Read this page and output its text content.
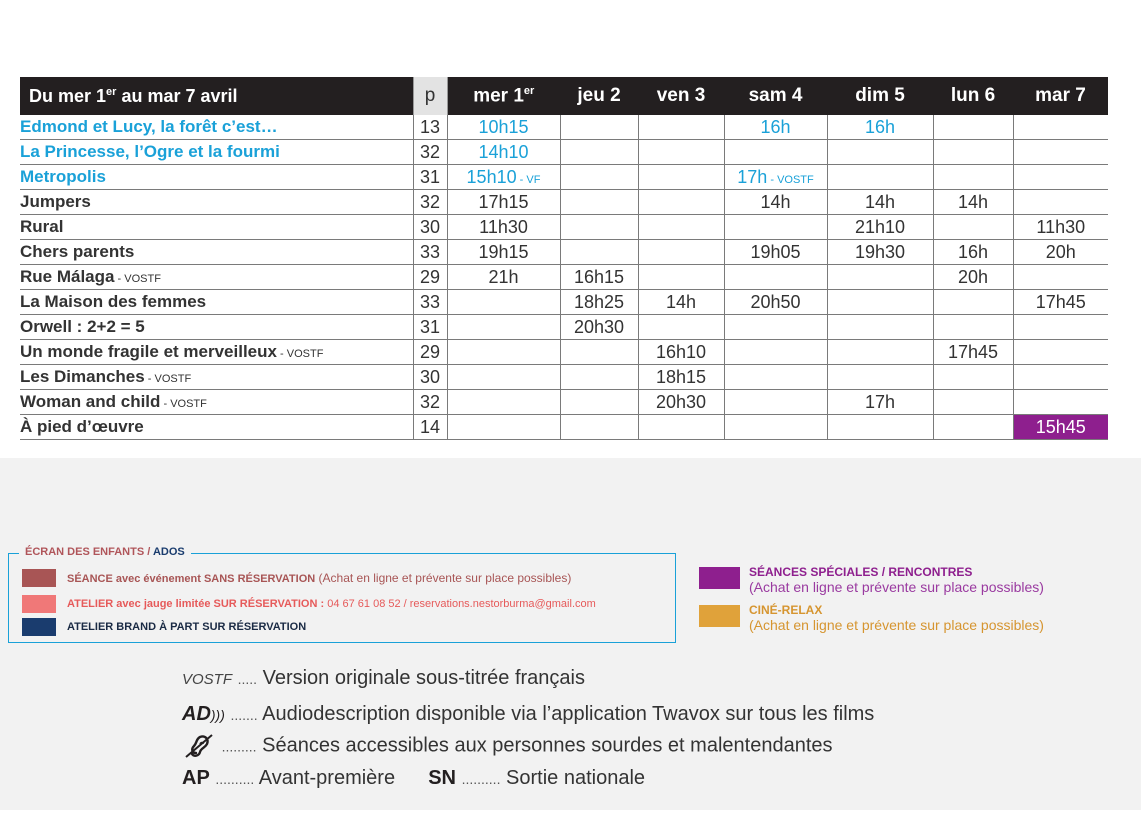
Du mer 1er au mar 7 avril	p	mer 1er	jeu 2	ven 3	sam 4	dim 5	lun 6	mar 7
Edmond et Lucy, la forêt c’est…	13	10h15			16h	16h		
La Princesse, l’Ogre et la fourmi	32	14h10						
Metropolis	31	15h10 - VF			17h - VOSTF			
Jumpers	32	17h15			14h	14h	14h	
Rural	30	11h30				21h10		11h30
Chers parents	33	19h15			19h05	19h30	16h	20h
Rue Málaga - VOSTF	29	21h	16h15				20h	
La Maison des femmes	33		18h25	14h	20h50			17h45
Orwell : 2+2 = 5	31		20h30					
Un monde fragile et merveilleux - VOSTF	29			16h10			17h45	
Les Dimanches - VOSTF	30			18h15				
Woman and child - VOSTF	32			20h30		17h		
À pied d’œuvre	14							15h45
ÉCRAN DES ENFANTS / ADOS
SÉANCE avec événement SANS RÉSERVATION (Achat en ligne et prévente sur place possibles)
ATELIER avec jauge limitée SUR RÉSERVATION : 04 67 61 08 52 / reservations.nestorburma@gmail.com
ATELIER BRAND À PART SUR RÉSERVATION
SÉANCES SPÉCIALES / RENCONTRES
(Achat en ligne et prévente sur place possibles)
CINÉ-RELAX
(Achat en ligne et prévente sur place possibles)
VOSTF ..... Version originale sous-titrée français
AD))) ....... Audiodescription disponible via l’application Twavox sur tous les films
......... Séances accessibles aux personnes sourdes et malentendantes
AP .......... Avant-première SN .......... Sortie nationale
